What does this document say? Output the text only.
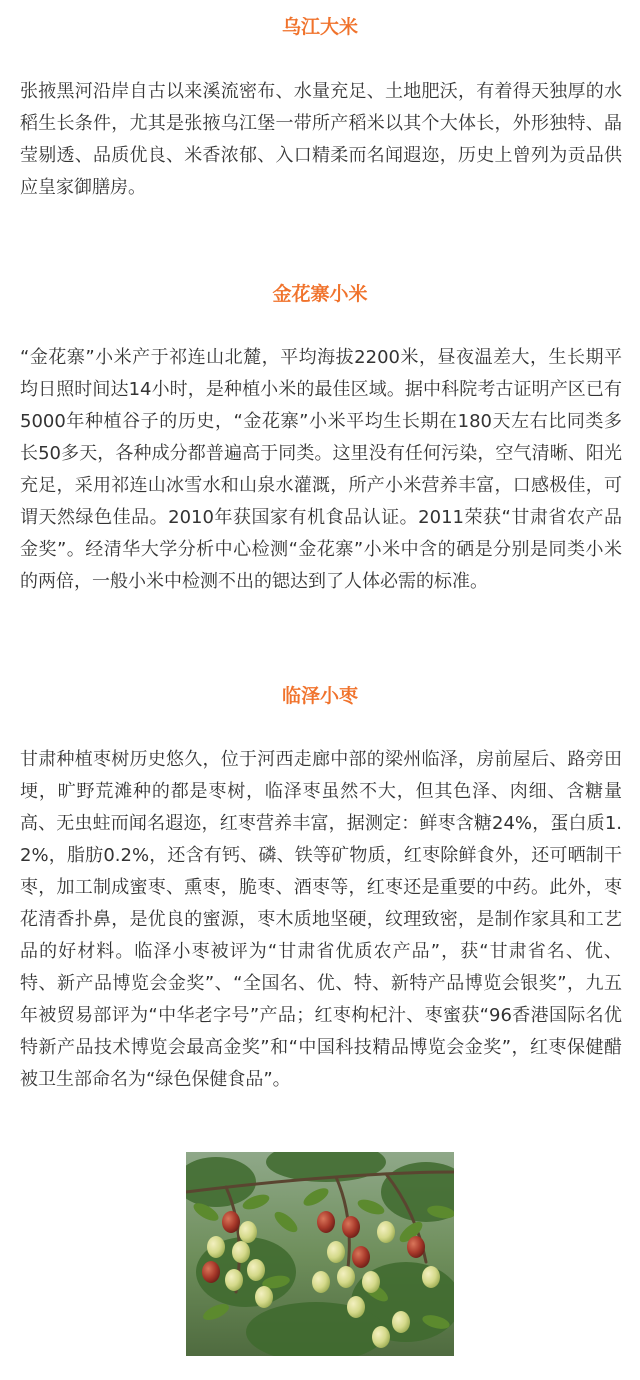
乌江大米

张掖黑河沿岸自古以来溪流密布、水量充足、土地肥沃，有着得天独厚的水稻生长条件，尤其是张掖乌江堡一带所产稻米以其个大体长，外形独特、晶莹剔透、品质优良、米香浓郁、入口精柔而名闻遐迩，历史上曾列为贡品供应皇家御膳房。

金花寨小米

“金花寨”小米产于祁连山北麓，平均海拔2200米，昼夜温差大，生长期平均日照时间达14小时，是种植小米的最佳区域。据中科院考古证明产区已有5000年种植谷子的历史，“金花寨”小米平均生长期在180天左右比同类多长50多天，各种成分都普遍高于同类。这里没有任何污染，空气清晰、阳光充足，采用祁连山冰雪水和山泉水灌溉，所产小米营养丰富，口感极佳，可谓天然绿色佳品。2010年获国家有机食品认证。2011荣获“甘肃省农产品金奖”。经清华大学分析中心检测“金花寨”小米中含的硒是分别是同类小米的两倍，一般小米中检测不出的锶达到了人体必需的标准。

临泽小枣

甘肃种植枣树历史悠久，位于河西走廊中部的梁州临泽，房前屋后、路旁田埂，旷野荒滩种的都是枣树，临泽枣虽然不大，但其色泽、肉细、含糖量高、无虫蛀而闻名遐迩，红枣营养丰富，据测定：鲜枣含糖24%，蛋白质1.2%，脂肪0.2%，还含有钙、磷、铁等矿物质，红枣除鲜食外，还可晒制干枣，加工制成蜜枣、熏枣，脆枣、酒枣等，红枣还是重要的中药。此外，枣花清香扑鼻，是优良的蜜源，枣木质地坚硬，纹理致密，是制作家具和工艺品的好材料。临泽小枣被评为“甘肃省优质农产品”，获“甘肃省名、优、特、新产品博览会金奖”、“全国名、优、特、新特产品博览会银奖”，九五年被贸易部评为“中华老字号”产品；红枣枸杞汁、枣蜜获“96香港国际名优特新产品技术博览会最高金奖”和“中国科技精品博览会金奖”，红枣保健醋被卫生部命名为“绿色保健食品”。
